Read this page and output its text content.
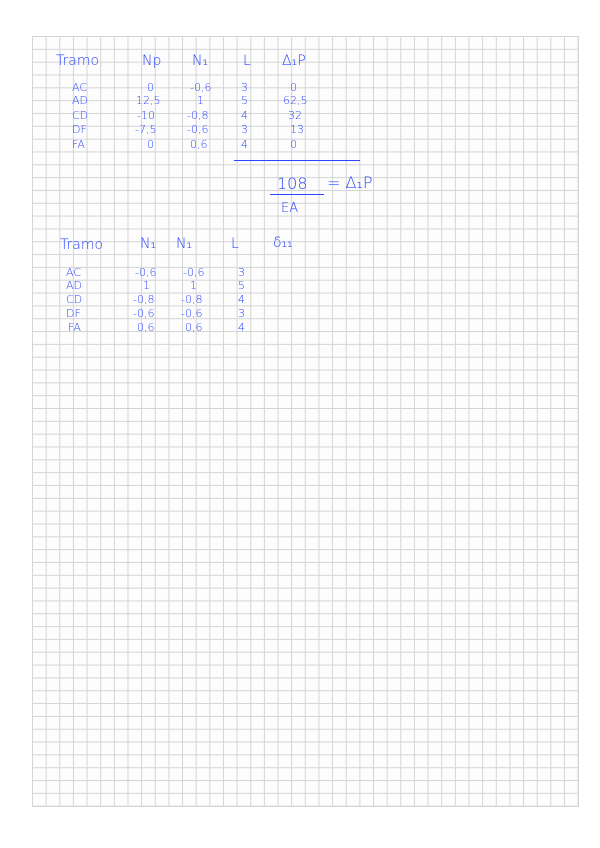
Tramo	Np N₁ L Δ₁P
AC	0	-0,6	3	0
AD	12,5	1	5	62,5
CD	-10	-0,8	4	32
DF	-7,5	-0,6	3	13
FA	0	0,6	4	0
108 = Δ₁P
EA
Tramo	N₁ N₁	L δ₁₁
AC	-0,6 -0,6	3
AD	1	1	5
CD	-0,8 -0,8	4
DF	-0,6 -0,6	3
FA	0,6	0,6	4
